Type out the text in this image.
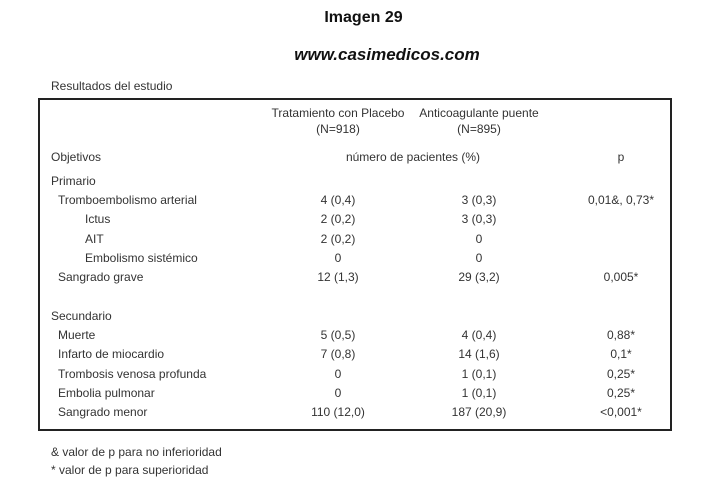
Imagen 29
www.casimedicos.com
Resultados del estudio
Tratamiento con Placebo
(N=918)
Anticoagulante puente
(N=895)
Objetivos	número de pacientes (%)	p
Primario
Tromboembolismo arterial	4 (0,4)	3 (0,3)	0,01&, 0,73*
Ictus	2 (0,2)	3 (0,3)
AIT	2 (0,2)	0
Embolismo sistémico	0	0
Sangrado grave	12 (1,3)	29 (3,2)	0,005*
Secundario
Muerte	5 (0,5)	4 (0,4)	0,88*
Infarto de miocardio	7 (0,8)	14 (1,6)	0,1*
Trombosis venosa profunda	0	1 (0,1)	0,25*
Embolia pulmonar	0	1 (0,1)	0,25*
Sangrado menor	110 (12,0)	187 (20,9)	<0,001*
& valor de p para no inferioridad
* valor de p para superioridad
